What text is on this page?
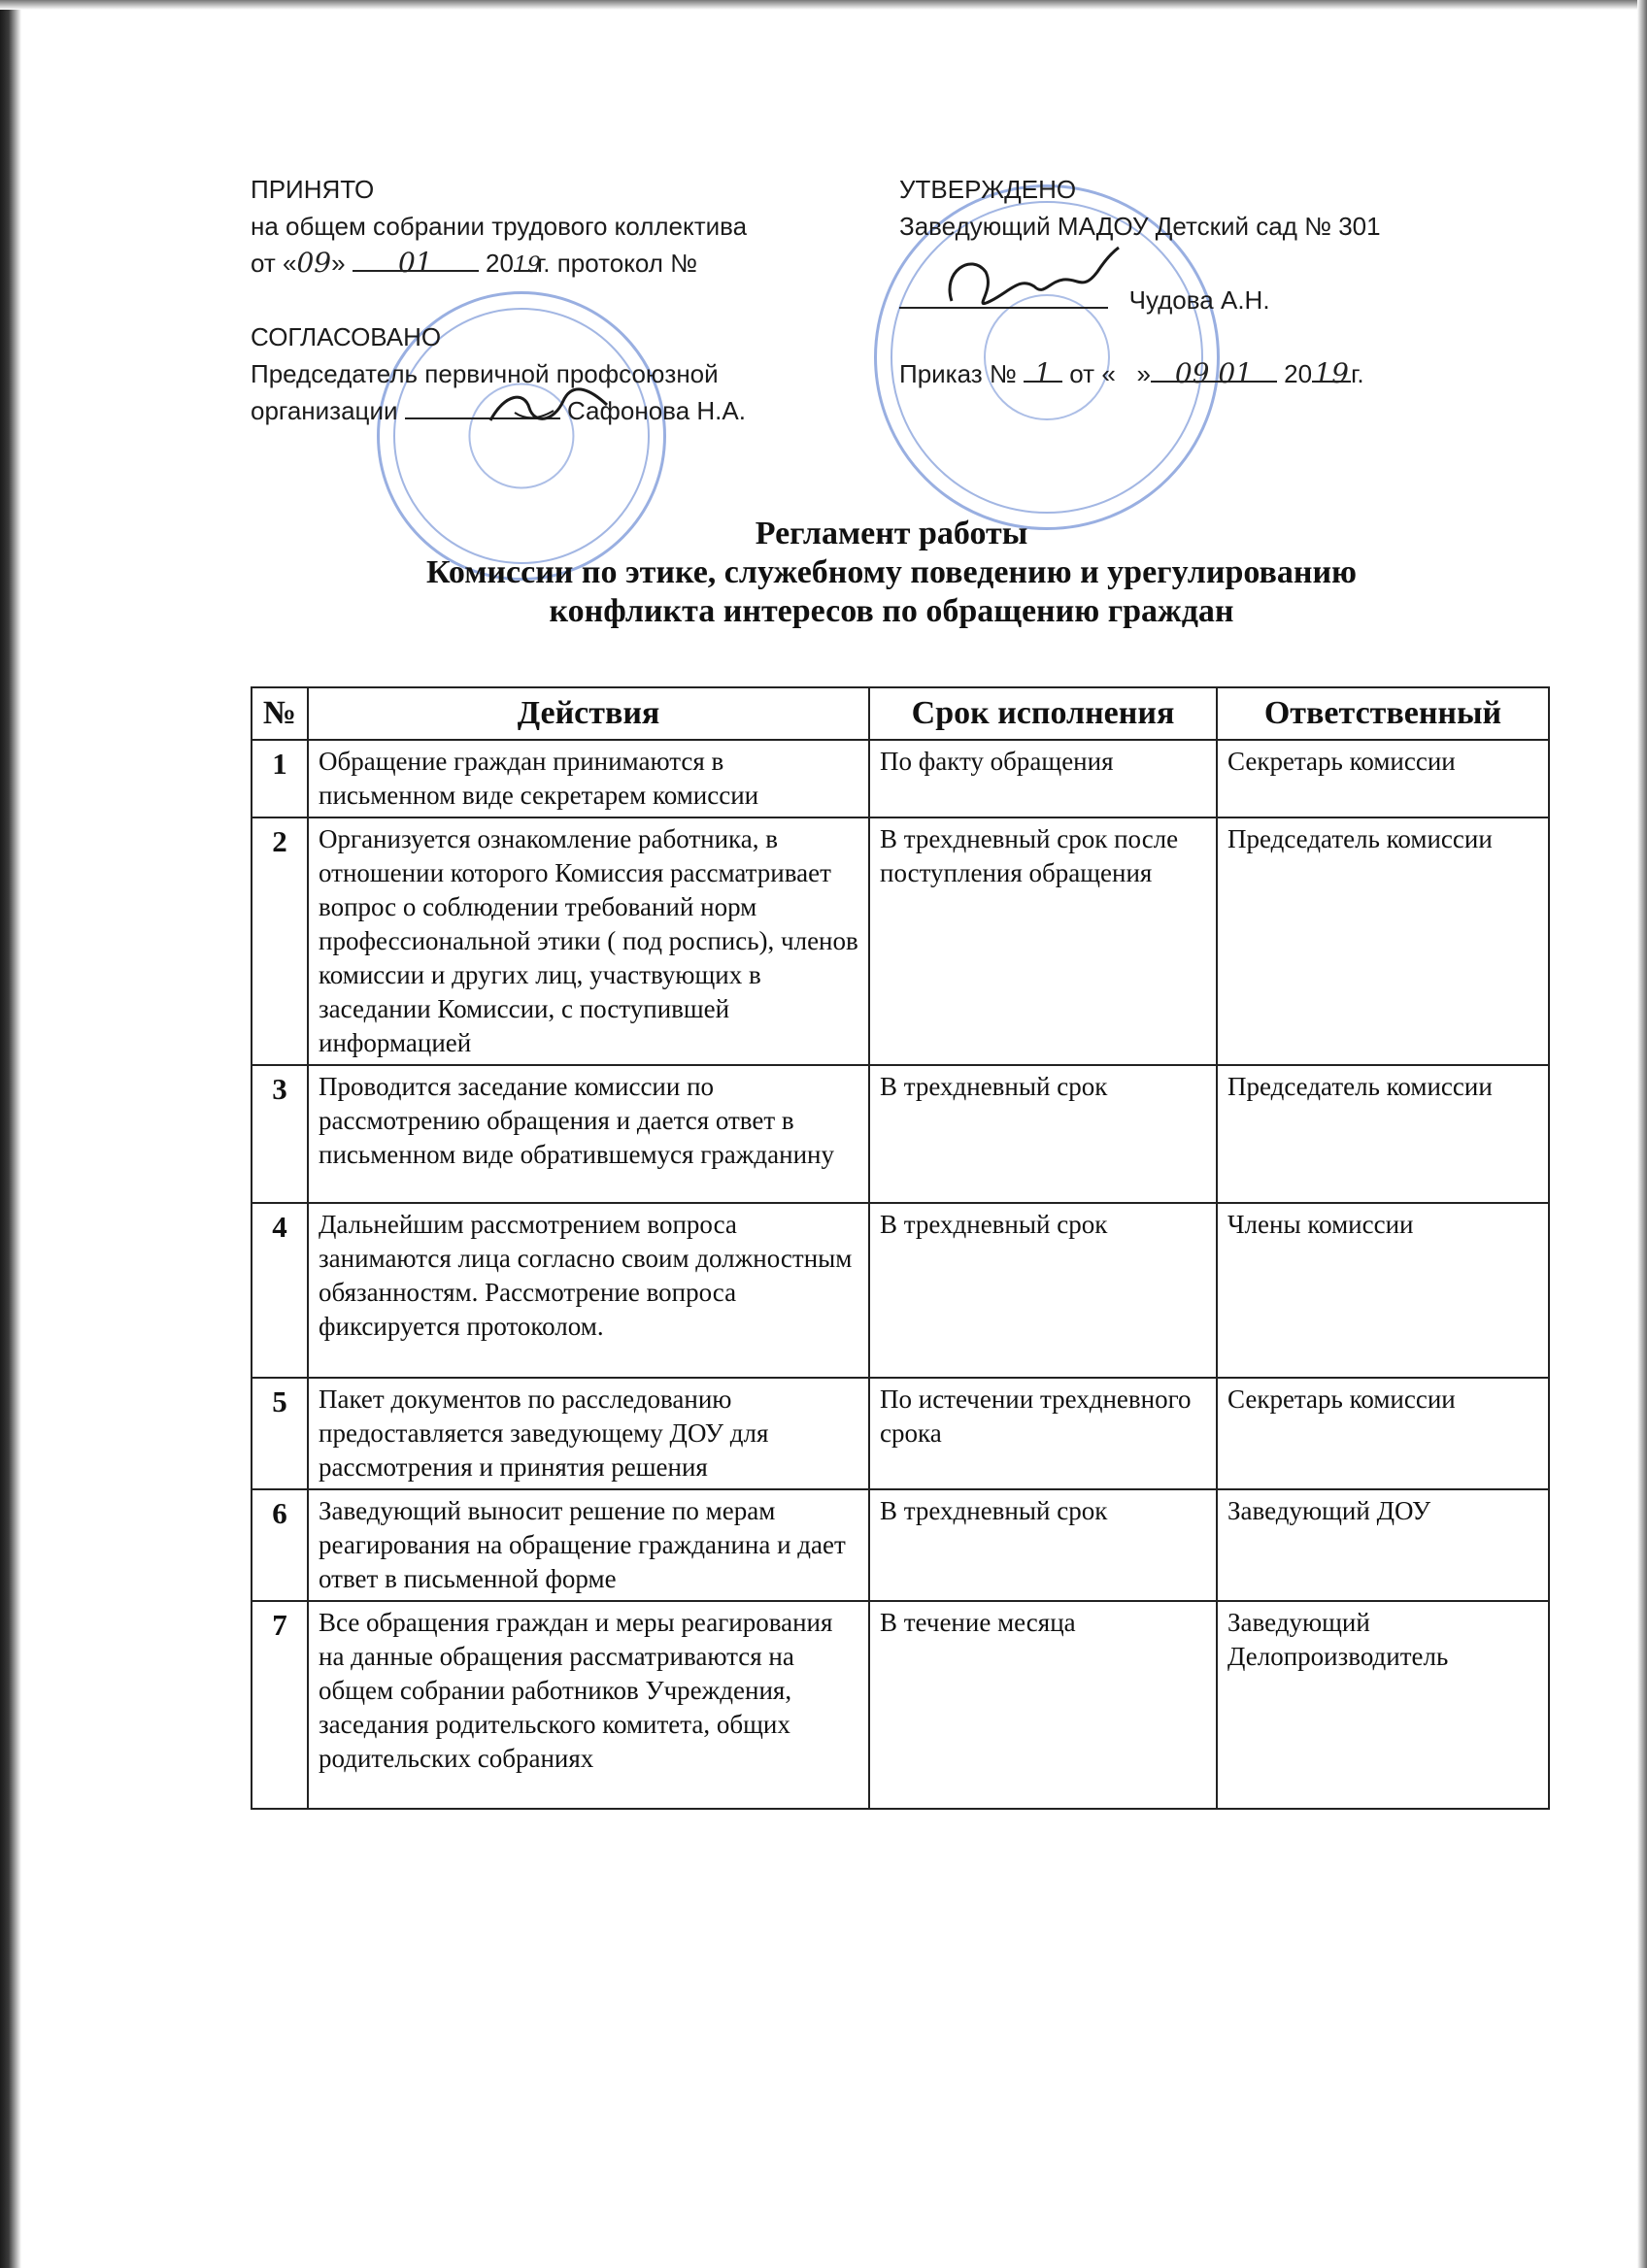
ПРИНЯТО
на общем собрании трудового коллектива
от «09» 01 2019г. протокол №
СОГЛАСОВАНО
Председатель первичной профсоюзной
организации	Сафонова Н.А.
УТВЕРЖДЕНО
Заведующий МАДОУ Детский сад № 301
Чудова А.Н.
Приказ № 1 от « » 09 01 2019г.
Регламент работы
Комиссии по этике, служебному поведению и урегулированию
конфликта интересов по обращению граждан
№	Действия	Срок исполнения	Ответственный
1	Обращение граждан принимаются в письменном виде секретарем комиссии	По факту обращения	Секретарь комиссии
2	Организуется ознакомление работника, в отношении которого Комиссия рассматривает вопрос о соблюдении требований норм профессиональной этики ( под роспись), членов комиссии и других лиц, участвующих в заседании Комиссии, с поступившей информацией	В трехдневный срок после поступления обращения	Председатель комиссии
3	Проводится заседание комиссии по рассмотрению обращения и дается ответ в письменном виде обратившемуся гражданину	В трехдневный срок	Председатель комиссии
4	Дальнейшим рассмотрением вопроса занимаются лица согласно своим должностным обязанностям. Рассмотрение вопроса фиксируется протоколом.	В трехдневный срок	Члены комиссии
5	Пакет документов по расследованию предоставляется заведующему ДОУ для рассмотрения и принятия решения	По истечении трехдневного срока	Секретарь комиссии
6	Заведующий выносит решение по мерам реагирования на обращение гражданина и дает ответ в письменной форме	В трехдневный срок	Заведующий ДОУ
7	Все обращения граждан и меры реагирования на данные обращения рассматриваются на общем собрании работников Учреждения, заседания родительского комитета, общих родительских собраниях	В течение месяца	Заведующий Делопроизводитель
